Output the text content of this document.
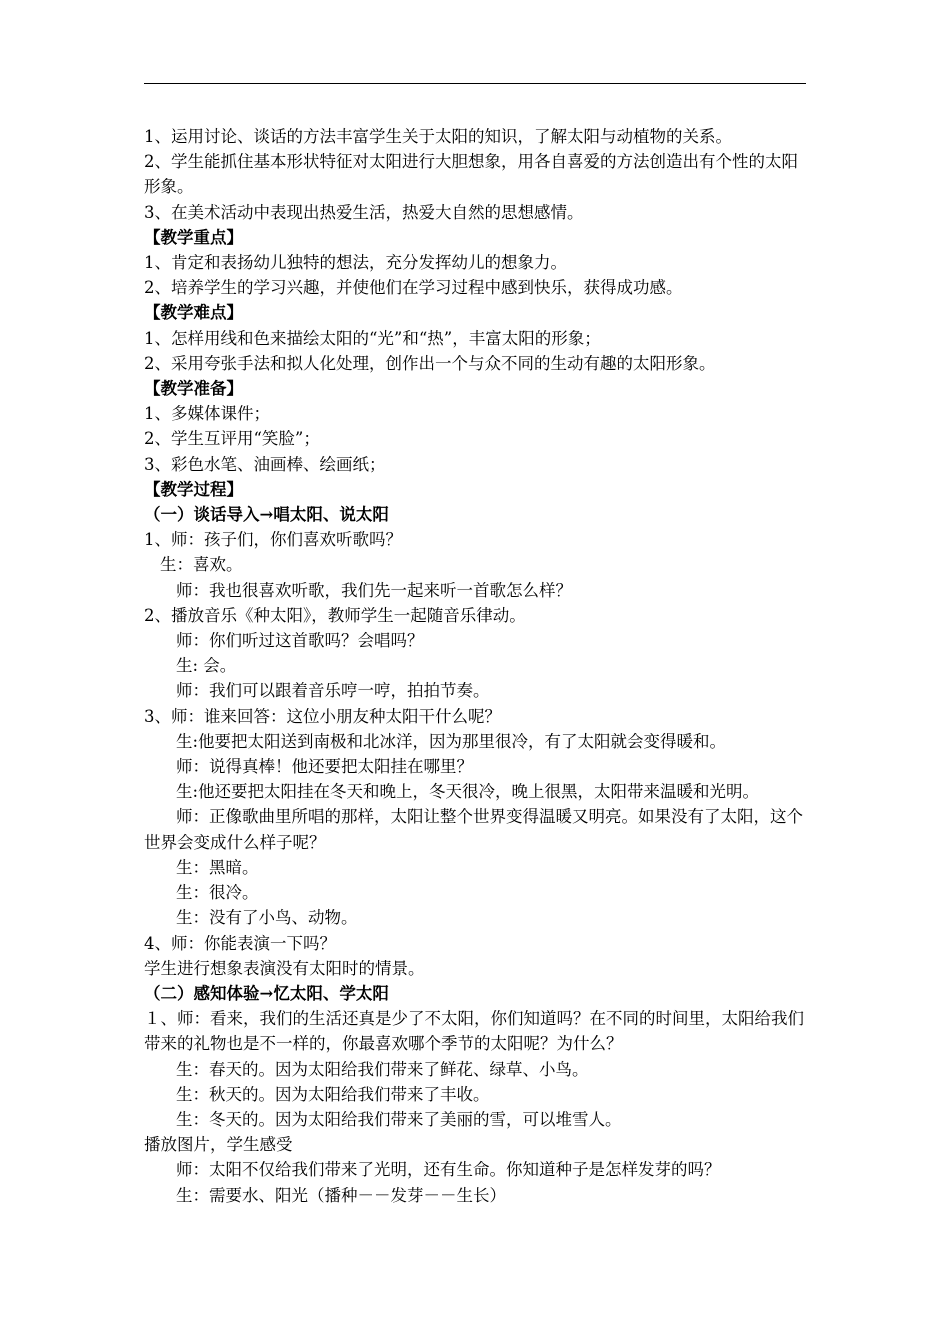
1、运用讨论、谈话的方法丰富学生关于太阳的知识，了解太阳与动植物的关系。

2、学生能抓住基本形状特征对太阳进行大胆想象，用各自喜爱的方法创造出有个性的太阳形象。

3、在美术活动中表现出热爱生活，热爱大自然的思想感情。

【教学重点】

1、肯定和表扬幼儿独特的想法，充分发挥幼儿的想象力。

2、培养学生的学习兴趣，并使他们在学习过程中感到快乐，获得成功感。

【教学难点】

1、怎样用线和色来描绘太阳的“光”和“热”，丰富太阳的形象；

2、采用夸张手法和拟人化处理，创作出一个与众不同的生动有趣的太阳形象。

【教学准备】

1、多媒体课件；

2、学生互评用“笑脸”；

3、彩色水笔、油画棒、绘画纸；

【教学过程】

（一）谈话导入→唱太阳、说太阳

1、师：孩子们，你们喜欢听歌吗？

生：喜欢。

师：我也很喜欢听歌，我们先一起来听一首歌怎么样？

2、播放音乐《种太阳》，教师学生一起随音乐律动。

师：你们听过这首歌吗？会唱吗？

生: 会。

师：我们可以跟着音乐哼一哼，拍拍节奏。

3、师：谁来回答：这位小朋友种太阳干什么呢？

生:他要把太阳送到南极和北冰洋，因为那里很冷，有了太阳就会变得暖和。

师：说得真棒！他还要把太阳挂在哪里？

生:他还要把太阳挂在冬天和晚上，冬天很冷，晚上很黑，太阳带来温暖和光明。

师：正像歌曲里所唱的那样，太阳让整个世界变得温暖又明亮。如果没有了太阳，这个世界会变成什么样子呢？

生：黑暗。

生：很冷。

生：没有了小鸟、动物。

4、师：你能表演一下吗？

学生进行想象表演没有太阳时的情景。

（二）感知体验→忆太阳、学太阳

１、师：看来，我们的生活还真是少了不太阳，你们知道吗？在不同的时间里，太阳给我们带来的礼物也是不一样的，你最喜欢哪个季节的太阳呢？为什么？

生：春天的。因为太阳给我们带来了鲜花、绿草、小鸟。

生：秋天的。因为太阳给我们带来了丰收。

生：冬天的。因为太阳给我们带来了美丽的雪，可以堆雪人。

播放图片，学生感受

师：太阳不仅给我们带来了光明，还有生命。你知道种子是怎样发芽的吗？

生：需要水、阳光（播种－－发芽－－生长）
